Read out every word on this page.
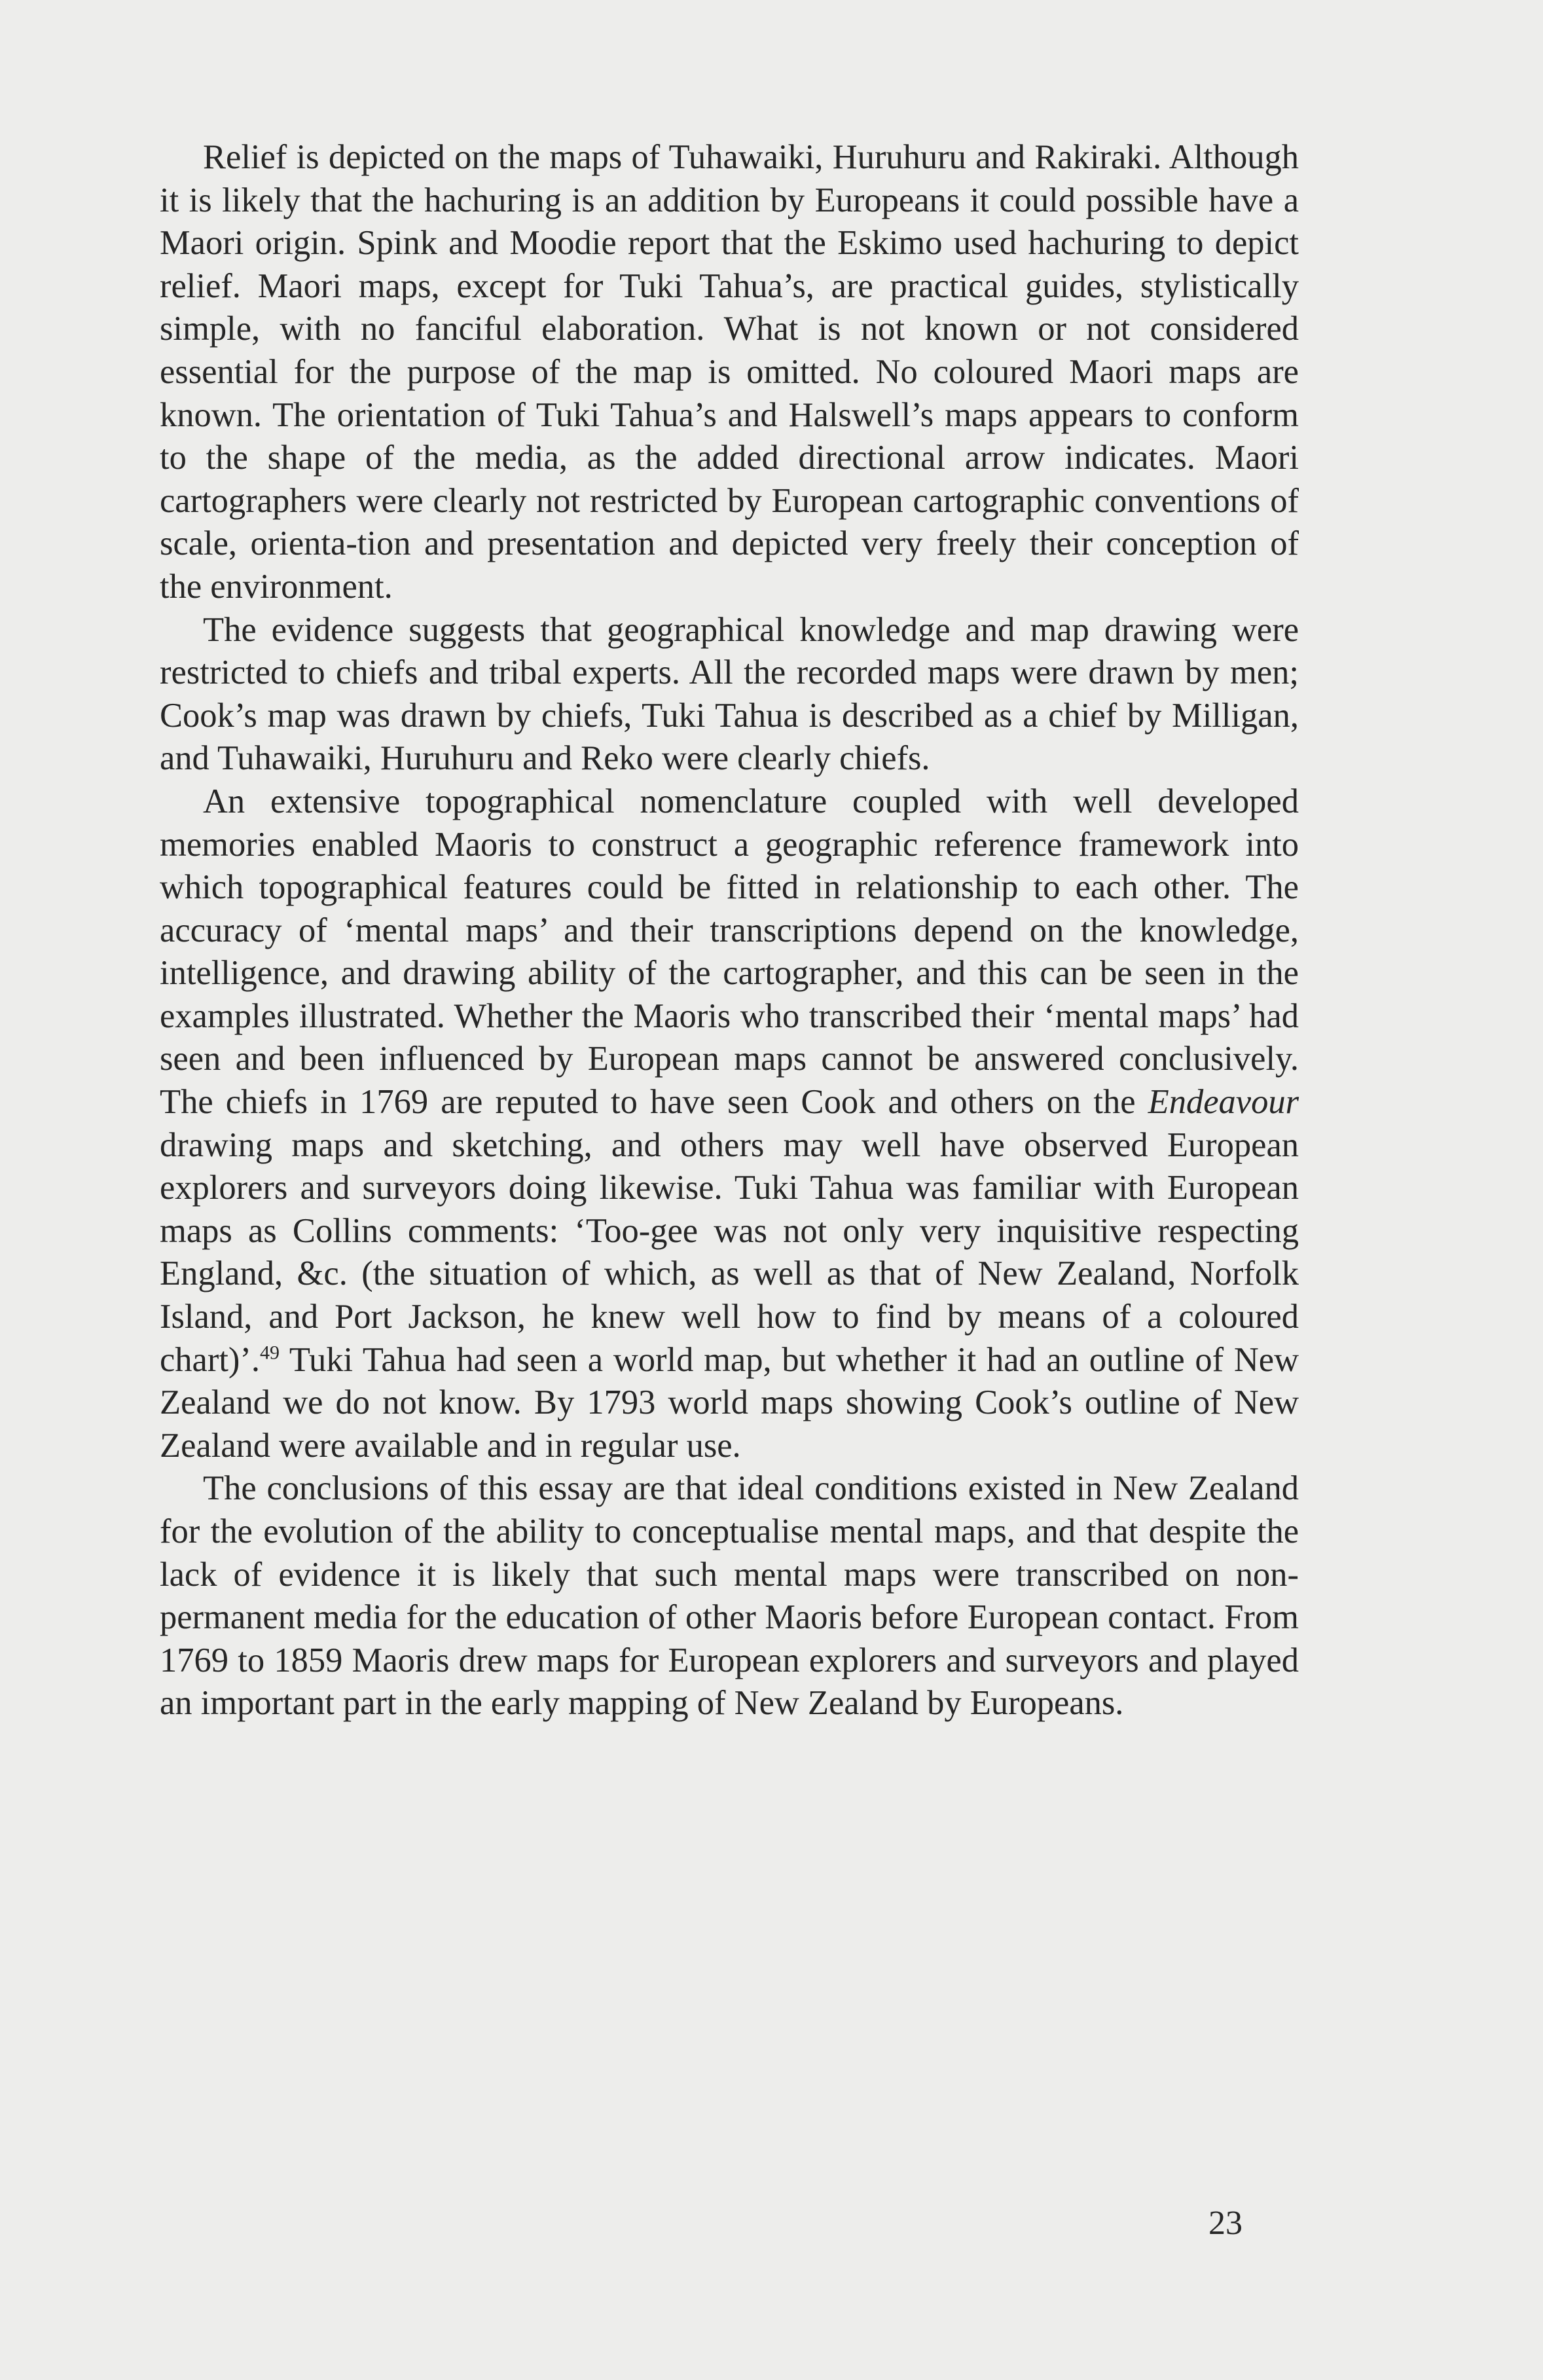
Relief is depicted on the maps of Tuhawaiki, Huruhuru and Rakiraki. Although it is likely that the hachuring is an addition by Europeans it could possible have a Maori origin. Spink and Moodie report that the Eskimo used hachuring to depict relief. Maori maps, except for Tuki Tahua’s, are practical guides, stylistically simple, with no fanciful elaboration. What is not known or not considered essential for the purpose of the map is omitted. No coloured Maori maps are known. The orientation of Tuki Tahua’s and Halswell’s maps appears to conform to the shape of the media, as the added directional arrow indicates. Maori cartographers were clearly not restricted by European cartographic conventions of scale, orienta-tion and presentation and depicted very freely their conception of the environment.

The evidence suggests that geographical knowledge and map drawing were restricted to chiefs and tribal experts. All the recorded maps were drawn by men; Cook’s map was drawn by chiefs, Tuki Tahua is described as a chief by Milligan, and Tuhawaiki, Huruhuru and Reko were clearly chiefs.

An extensive topographical nomenclature coupled with well developed memories enabled Maoris to construct a geographic reference framework into which topographical features could be fitted in relationship to each other. The accuracy of ‘mental maps’ and their transcriptions depend on the knowledge, intelligence, and drawing ability of the cartographer, and this can be seen in the examples illustrated. Whether the Maoris who transcribed their ‘mental maps’ had seen and been influenced by European maps cannot be answered conclusively. The chiefs in 1769 are reputed to have seen Cook and others on the Endeavour drawing maps and sketching, and others may well have observed European explorers and surveyors doing likewise. Tuki Tahua was familiar with European maps as Collins comments: ‘Too-gee was not only very inquisitive respecting England, &c. (the situation of which, as well as that of New Zealand, Norfolk Island, and Port Jackson, he knew well how to find by means of a coloured chart)’.$^{49}$ Tuki Tahua had seen a world map, but whether it had an outline of New Zealand we do not know. By 1793 world maps showing Cook’s outline of New Zealand were available and in regular use.

The conclusions of this essay are that ideal conditions existed in New Zealand for the evolution of the ability to conceptualise mental maps, and that despite the lack of evidence it is likely that such mental maps were transcribed on non-permanent media for the education of other Maoris before European contact. From 1769 to 1859 Maoris drew maps for European explorers and surveyors and played an important part in the early mapping of New Zealand by Europeans.

23
